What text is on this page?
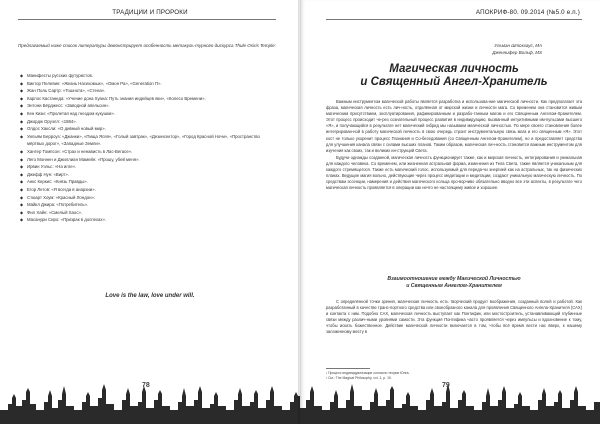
ТРАДИЦИИ И ПРОРОКИ
Предлагаемый ниже список литературы демонстрирует особенность метакуль-турного дискурса Thule Osiris Temple:
◆ Манифесты русских футуристов.
◆ Виктор Пелевин: «Жизнь Насекомых», «Омон Ра», «Generation П».
◆ Жан Поль Сартр: «Тошнота», «Стена».
◆ Карлос Кастанеда: «Учение дона Хуана: Путь знания индейцев яки», «Колесо Времени».
◆ Энтони Бёрджесс: «Заводной апельсин».
◆ Кен Кизи: «Пролетая над гнездом кукушки».
◆ Джордж Оруэлл: «1984».
◆ Олдос Хаксли: «О дивный новый мир».
◆ Уильям Берроуз: «Джанки», «Пища Ясяя», «Голый завтрак», «Дезинсектор», «Город Красной Ночи», «Пространство мёртвых дорог», «Западные Земли».
◆ Хантер Томпсон: «Страх и ненависть в Лас-Вегасе».
◆ Лего Моннен и Джиллиан Мамейн: «Прошу, убей меня».
◆ Ирвин Уэльс: «На игле».
◆ Джефф Нун: «Вирт».
◆ Анкс Керкис: «Князь Правды».
◆ Егор Летов: «Я всегда в анархии».
◆ Стюарт Хоум: «Красный Лондон».
◆ Майкл Джира: «Потребитель».
◆ Фил Хайн: «Смелый Хаос».
◆ Масанури Сиро: «Призрак в доспехах».
Love is the law, love under will.
78
АПОКРИФ-80. 09.2014 (№5.0 е.п.)
Ульман Штокхаус, MA
Дженнифер Вольф, MS
Магическая личность
и Священный Ангел-Хранитель

Важным инструментом магической работы является разработка и использова-ние магической личности. Как предполагает эта фраза, магическая личность есть лич-ность, отделённая от мирской жизни и личности мага. Со временем она становится живым магическим присутствием, эксплуатирования, рафинированным и разрабо-танным магом и его Священным Ангелом-Хранителем. Этот процесс происходит че-рез сознательный процесс развития в индивидуацию, вызванный интуитивными им-пульсами высшего «Я», и получающийся в результате нет магический гибрид мы называем магической личностью. По мере своего становления более интегрирован-ной в работу магической личность в свою очередь строит инструментальную связь мага и его священным «Я». Этот кост не только укоренит процесс Познания и Со-беседования (со Священным Ангелом-Хранителем), но и предоставляет средства для улучшения канала связи с силами высших планов. Таким образом, магическая лич-ность становится важным инструментом для изучения как своих, так и великих ин-струкций Света.

Будучи однажды созданной, магическая личность функционирует также, как и мирская личность, интегрирования и уникальная для каждого человека. Со временем, или жизненная астральная форма, изменения из Тела Света, также является уникальным для каждого стремящегося. Также есть магический голос, используемый для переда-чи энергией как на астральных, так на физических планах. Ведущие магия вольно, действующие через процесс медитации и медитации, создают уникальную магическую личность. По средствам эссенции, намерения и действия магического кольца про-ворчиво обязательно вводно все эти аспекты, в результате чего магическая личность проявляется в операции как нечто не настоящему живое и хорошее.

Взаимоотношение между Магической Личностью
и Священным Ангелом-Хранителем

С определённой точки зрения, магическая личность есть творческий продукт воображения, созданный волей и работой. Как разработанный в качестве транс-портного средства или своеобразного канала для проявления Священного Ангела-Хранителя (САХ) и контакта с ним. Подобно САХ, магическая личность выступает как Понтифик, или мостостроитель, устанавливающий глубинные связи между различ-ными уровнями самости. Эта функция Понтифика часто проявляется через импульсы и вдохновение к тому, чтобы искать божественное. Действие магической личности включается в том, чтобы всё время вести нас вверх, к нашему заложенному месту в

¹ Процесс индивидуализации согласно теории Юнга.
² См.: The Magical Philosophy, vol. 1, p. 10.
79
